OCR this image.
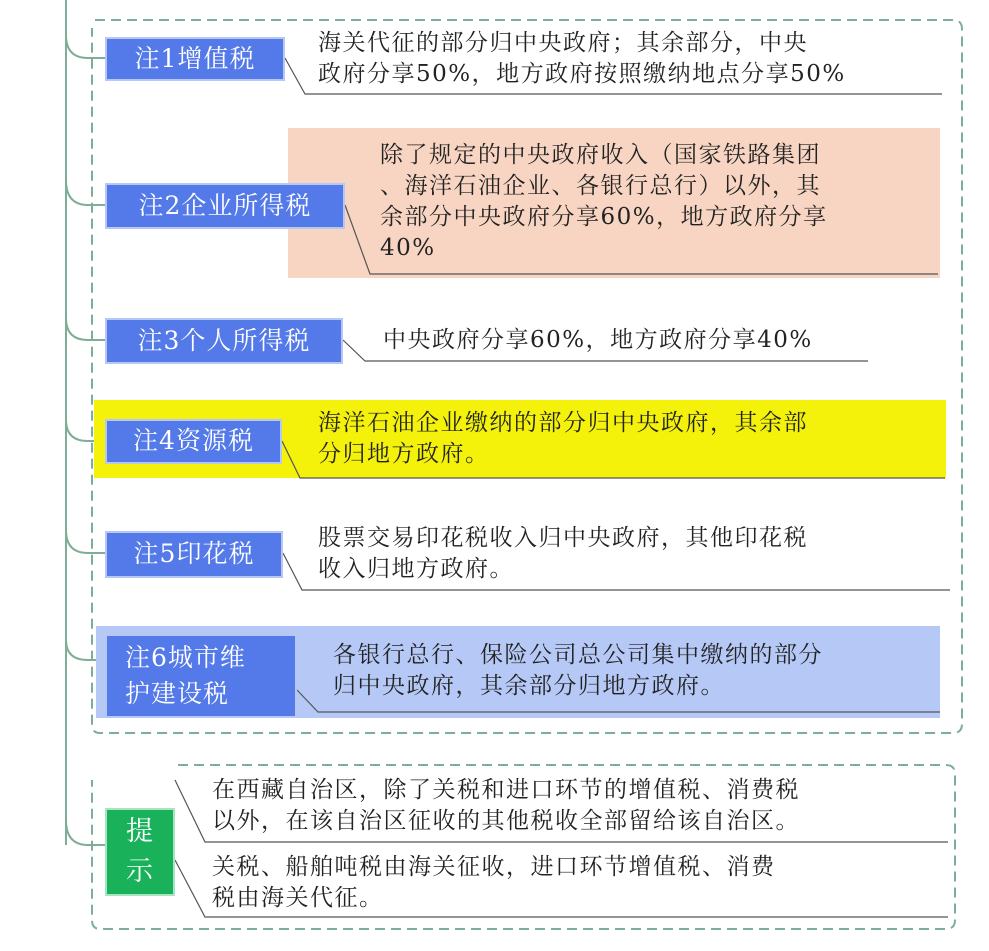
注1增值税
海关代征的部分归中央政府；其余部分，中央
政府分享50%，地方政府按照缴纳地点分享50%
注2企业所得税
除了规定的中央政府收入（国家铁路集团
、海洋石油企业、各银行总行）以外，其
余部分中央政府分享60%，地方政府分享
40%
注3个人所得税	中央政府分享60%，地方政府分享40%
注4资源税
海洋石油企业缴纳的部分归中央政府，其余部
分归地方政府。
注5印花税
股票交易印花税收入归中央政府，其他印花税
收入归地方政府。
注6城市维
护建设税
各银行总行、保险公司总公司集中缴纳的部分
归中央政府，其余部分归地方政府。
提
示
在西藏自治区，除了关税和进口环节的增值税、消费税
以外，在该自治区征收的其他税收全部留给该自治区。
关税、船舶吨税由海关征收，进口环节增值税、消费
税由海关代征。
